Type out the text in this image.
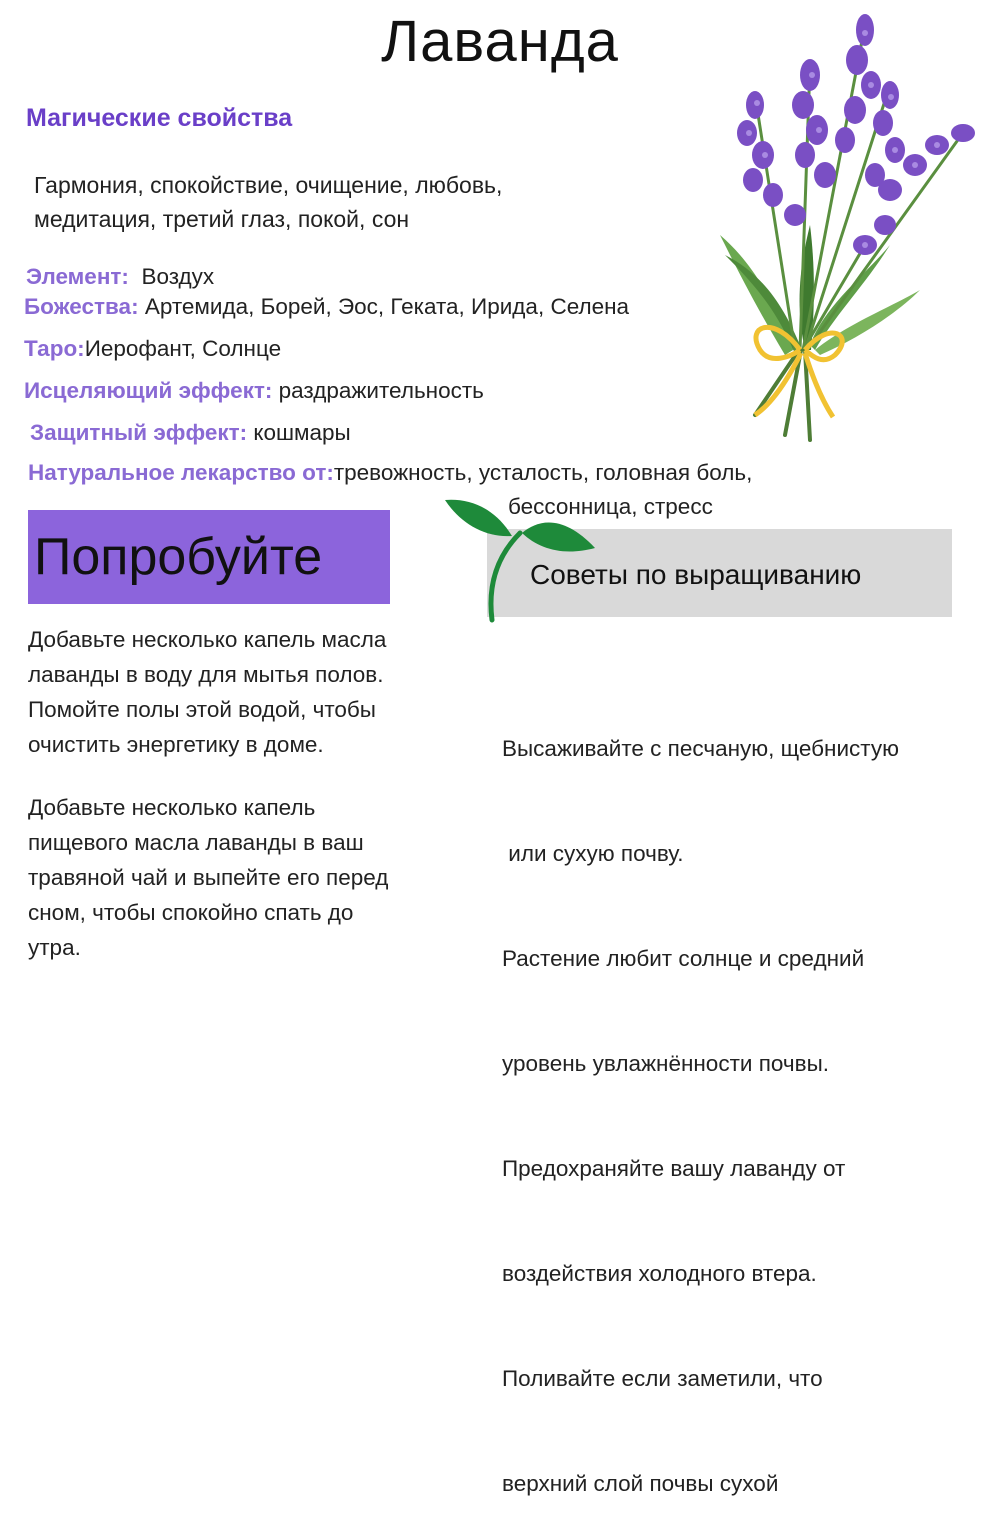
Лаванда
Магические свойства
Гармония, спокойствие, очищение, любовь,
медитация, третий глаз, покой, сон
Элемент: Воздух
Божества: Артемида, Борей, Эос, Геката, Ирида, Селена
Таро:Иерофант, Солнце
Исцеляющий эффект: раздражительность
Защитный эффект: кошмары
Натуральное лекарство от:тревожность, усталость, головная боль,
бессонница, стресс
Попробуйте	Советы по выращиванию
Добавьте несколько капель масла
лаванды в воду для мытья полов.
Помойте полы этой водой, чтобы
очистить энергетику в доме.
Добавьте несколько капель
пищевого масла лаванды в ваш
травяной чай и выпейте его перед
сном, чтобы спокойно спать до
утра.

Высаживайте с песчаную, щебнистую

или сухую почву.

Растение любит солнце и средний

уровень увлажнённости почвы.

Предохраняйте вашу лаванду от

воздействия холодного втера.

Поливайте если заметили, что

верхний слой почвы сухой
